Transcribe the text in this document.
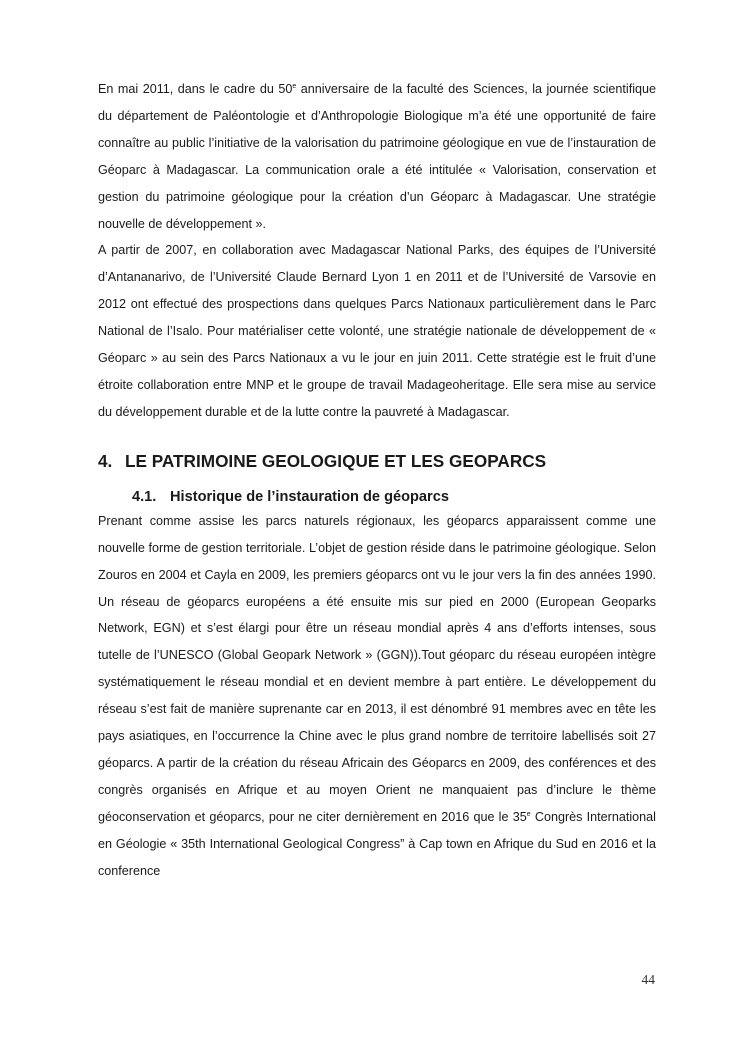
En mai 2011, dans le cadre du 50e anniversaire de la faculté des Sciences, la journée scientifique du département de Paléontologie et d’Anthropologie Biologique m’a été une opportunité de faire connaître au public l’initiative de la valorisation du patrimoine géologique en vue de l’instauration de Géoparc à Madagascar. La communication orale a été intitulée « Valorisation, conservation et gestion du patrimoine géologique pour la création d’un Géoparc à Madagascar. Une stratégie nouvelle de développement ».

A partir de 2007, en collaboration avec Madagascar National Parks, des équipes de l’Université d’Antananarivo, de l’Université Claude Bernard Lyon 1 en 2011 et de l’Université de Varsovie en 2012 ont effectué des prospections dans quelques Parcs Nationaux particulièrement dans le Parc National de l’Isalo. Pour matérialiser cette volonté, une stratégie nationale de développement de « Géoparc » au sein des Parcs Nationaux a vu le jour en juin 2011. Cette stratégie est le fruit d’une étroite collaboration entre MNP et le groupe de travail Madageoheritage. Elle sera mise au service du développement durable et de la lutte contre la pauvreté à Madagascar.

4. LE PATRIMOINE GEOLOGIQUE ET LES GEOPARCS
4.1. Historique de l’instauration de géoparcs

Prenant comme assise les parcs naturels régionaux, les géoparcs apparaissent comme une nouvelle forme de gestion territoriale. L’objet de gestion réside dans le patrimoine géologique. Selon Zouros en 2004 et Cayla en 2009, les premiers géoparcs ont vu le jour vers la fin des années 1990. Un réseau de géoparcs européens a été ensuite mis sur pied en 2000 (European Geoparks Network, EGN) et s’est élargi pour être un réseau mondial après 4 ans d’efforts intenses, sous tutelle de l’UNESCO (Global Geopark Network » (GGN)).Tout géoparc du réseau européen intègre systématiquement le réseau mondial et en devient membre à part entière. Le développement du réseau s’est fait de manière suprenante car en 2013, il est dénombré 91 membres avec en tête les pays asiatiques, en l’occurrence la Chine avec le plus grand nombre de territoire labellisés soit 27 géoparcs. A partir de la création du réseau Africain des Géoparcs en 2009, des conférences et des congrès organisés en Afrique et au moyen Orient ne manquaient pas d’inclure le thème géoconservation et géoparcs, pour ne citer dernièrement en 2016 que le 35e Congrès International en Géologie « 35th International Geological Congress” à Cap town en Afrique du Sud en 2016 et la conference

44
